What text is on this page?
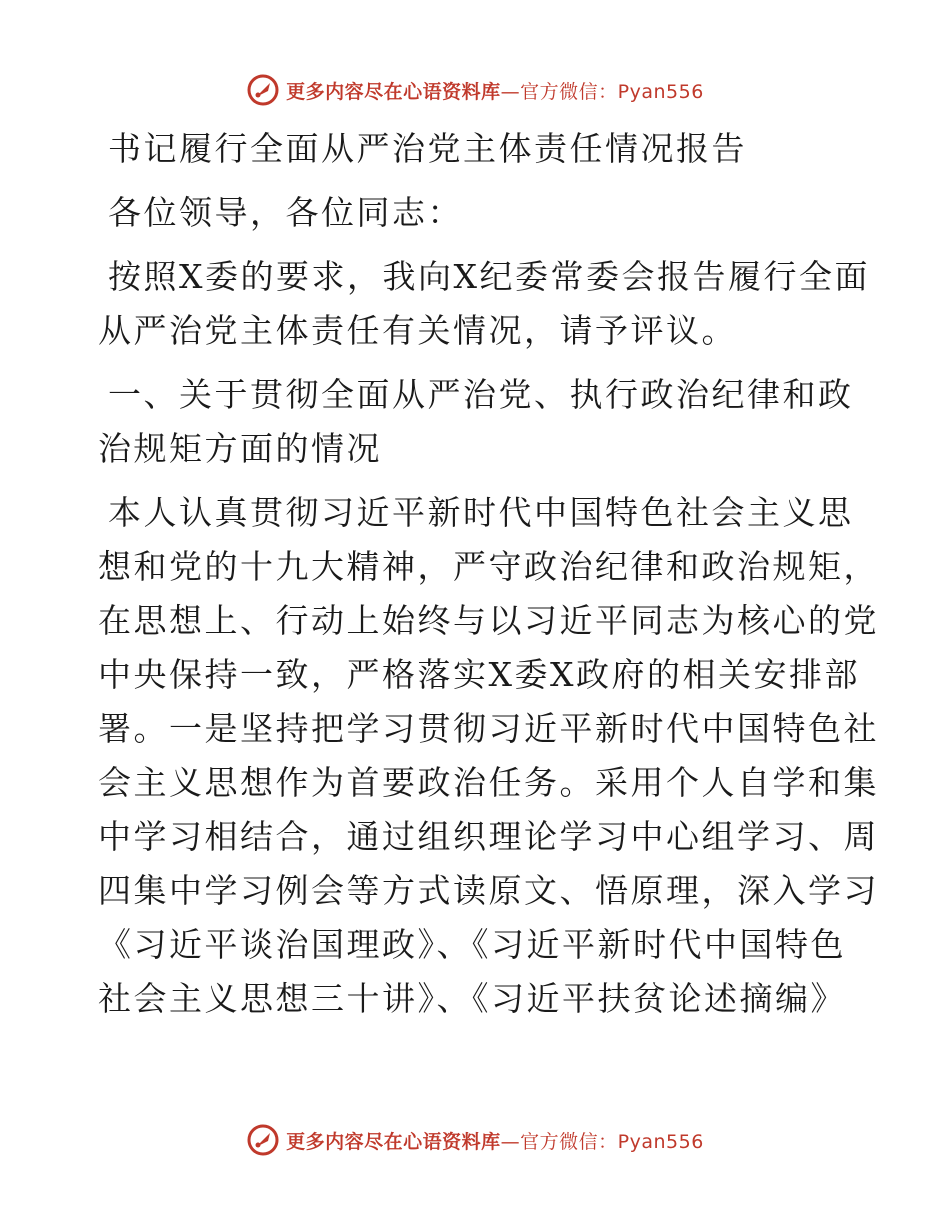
更多内容尽在心语资料库—官方微信：Pyan556
书记履行全面从严治党主体责任情况报告
各位领导，各位同志：
按照X委的要求，我向X纪委常委会报告履行全面
从严治党主体责任有关情况，请予评议。
一、关于贯彻全面从严治党、执行政治纪律和政
治规矩方面的情况
本人认真贯彻习近平新时代中国特色社会主义思
想和党的十九大精神，严守政治纪律和政治规矩，
在思想上、行动上始终与以习近平同志为核心的党
中央保持一致，严格落实X委X政府的相关安排部
署。一是坚持把学习贯彻习近平新时代中国特色社
会主义思想作为首要政治任务。采用个人自学和集
中学习相结合，通过组织理论学习中心组学习、周
四集中学习例会等方式读原文、悟原理，深入学习
《习近平谈治国理政》、《习近平新时代中国特色
社会主义思想三十讲》、《习近平扶贫论述摘编》
更多内容尽在心语资料库—官方微信：Pyan556
